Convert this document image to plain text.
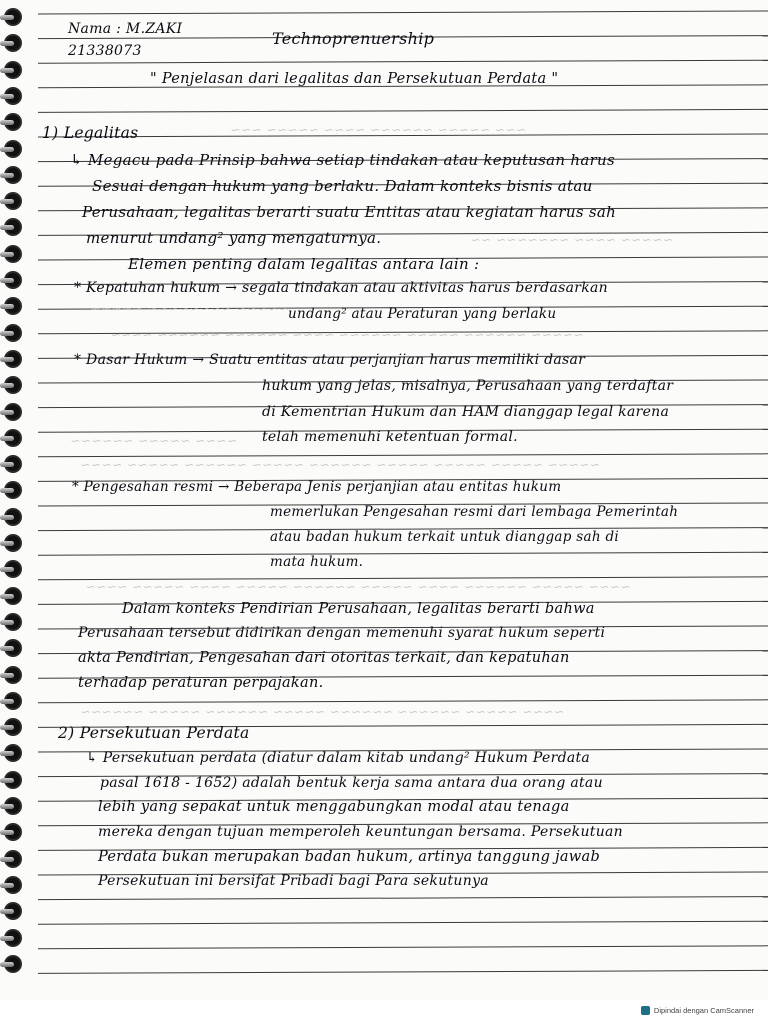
~~~ ~~~~~ ~~~~~~ ~~~~ ~~~~~ ~~~
~~~~~ ~~~~ ~~~~~~~ ~~
~~~~~ ~~~~~~~~ ~~~~~
~~~~~ ~~~~~~ ~~~~~ ~~~~~~ ~~~~ ~~~~~~ ~~~~~~ ~~~~
~~~~ ~~~~~ ~~~~~~
~~~~~ ~~~~~ ~~~~~ ~~~~~ ~~~~~~ ~~~~~ ~~~~~~ ~~~~~ ~~~~
~~~~ ~~~~~ ~~~~~~ ~~~~ ~~~~~ ~~~~~~ ~~~~~ ~~~~ ~~~~~ ~~~~
~~~~ ~~~~~ ~~~~~~ ~~~~~~ ~~~~~ ~~~~~~ ~~~~~ ~~~~~~
Nama : M.ZAKI
21338073
Technoprenuership
" Penjelasan dari legalitas dan Persekutuan Perdata "
1) Legalitas
↳ Megacu pada Prinsip bahwa setiap tindakan atau keputusan harus
Sesuai dengan hukum yang berlaku. Dalam konteks bisnis atau
Perusahaan, legalitas berarti suatu Entitas atau kegiatan harus sah
menurut undang² yang mengaturnya.
Elemen penting dalam legalitas antara lain :
* Kepatuhan hukum → segala tindakan atau aktivitas harus berdasarkan
undang² atau Peraturan yang berlaku
* Dasar Hukum → Suatu entitas atau perjanjian harus memiliki dasar
hukum yang jelas, misalnya, Perusahaan yang terdaftar
di Kementrian Hukum dan HAM dianggap legal karena
telah memenuhi ketentuan formal.
* Pengesahan resmi → Beberapa Jenis perjanjian atau entitas hukum
memerlukan Pengesahan resmi dari lembaga Pemerintah
atau badan hukum terkait untuk dianggap sah di
mata hukum.
Dalam konteks Pendirian Perusahaan, legalitas berarti bahwa
Perusahaan tersebut didirikan dengan memenuhi syarat hukum seperti
akta Pendirian, Pengesahan dari otoritas terkait, dan kepatuhan
terhadap peraturan perpajakan.
2) Persekutuan Perdata
↳ Persekutuan perdata (diatur dalam kitab undang² Hukum Perdata
pasal 1618 - 1652) adalah bentuk kerja sama antara dua orang atau
lebih yang sepakat untuk menggabungkan modal atau tenaga
mereka dengan tujuan memperoleh keuntungan bersama. Persekutuan
Perdata bukan merupakan badan hukum, artinya tanggung jawab
Persekutuan ini bersifat Pribadi bagi Para sekutunya
Dipindai dengan CamScanner
